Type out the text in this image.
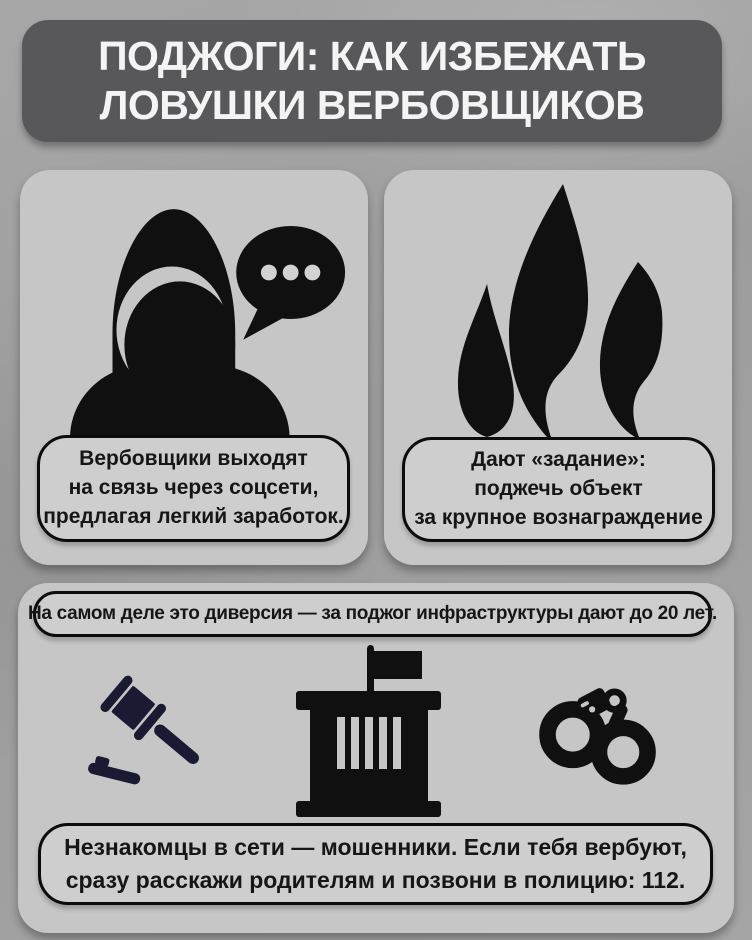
ПОДЖОГИ: КАК ИЗБЕЖАТЬ
ЛОВУШКИ ВЕРБОВЩИКОВ
Вербовщики выходят
на связь через соцсети,
предлагая легкий заработок.
Дают «задание»:
поджечь объект
за крупное вознаграждение
На самом деле это диверсия — за поджог инфраструктуры дают до 20 лет.
Незнакомцы в сети — мошенники. Если тебя вербуют,
сразу расскажи родителям и позвони в полицию: 112.
